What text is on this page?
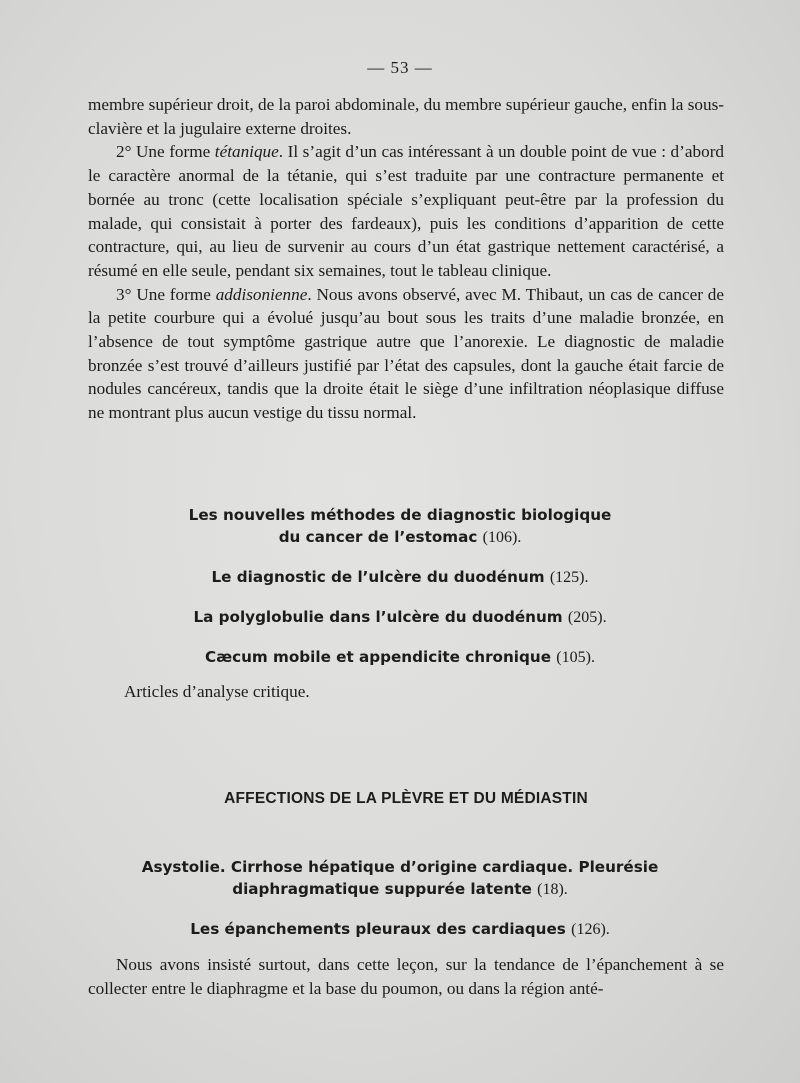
— 53 —

membre supérieur droit, de la paroi abdominale, du membre supérieur gauche, enfin la sous-clavière et la jugulaire externe droites.

2° Une forme tétanique. Il s’agit d’un cas intéressant à un double point de vue : d’abord le caractère anormal de la tétanie, qui s’est traduite par une contracture permanente et bornée au tronc (cette localisation spéciale s’expliquant peut-être par la profession du malade, qui consistait à porter des fardeaux), puis les conditions d’apparition de cette contracture, qui, au lieu de survenir au cours d’un état gastrique nettement caractérisé, a résumé en elle seule, pendant six semaines, tout le tableau clinique.

3° Une forme addisonienne. Nous avons observé, avec M. Thibaut, un cas de cancer de la petite courbure qui a évolué jusqu’au bout sous les traits d’une maladie bronzée, en l’absence de tout symptôme gastrique autre que l’anorexie. Le diagnostic de maladie bronzée s’est trouvé d’ailleurs justifié par l’état des capsules, dont la gauche était farcie de nodules cancéreux, tandis que la droite était le siège d’une infiltration néoplasique diffuse ne montrant plus aucun vestige du tissu normal.

Les nouvelles méthodes de diagnostic biologique
du cancer de l’estomac (106).
Le diagnostic de l’ulcère du duodénum (125).
La polyglobulie dans l’ulcère du duodénum (205).
Cæcum mobile et appendicite chronique (105).
Articles d’analyse critique.
AFFECTIONS DE LA PLÈVRE ET DU MÉDIASTIN
Asystolie. Cirrhose hépatique d’origine cardiaque. Pleurésie
diaphragmatique suppurée latente (18).
Les épanchements pleuraux des cardiaques (126).

Nous avons insisté surtout, dans cette leçon, sur la tendance de l’épanchement à se collecter entre le diaphragme et la base du poumon, ou dans la région anté-
